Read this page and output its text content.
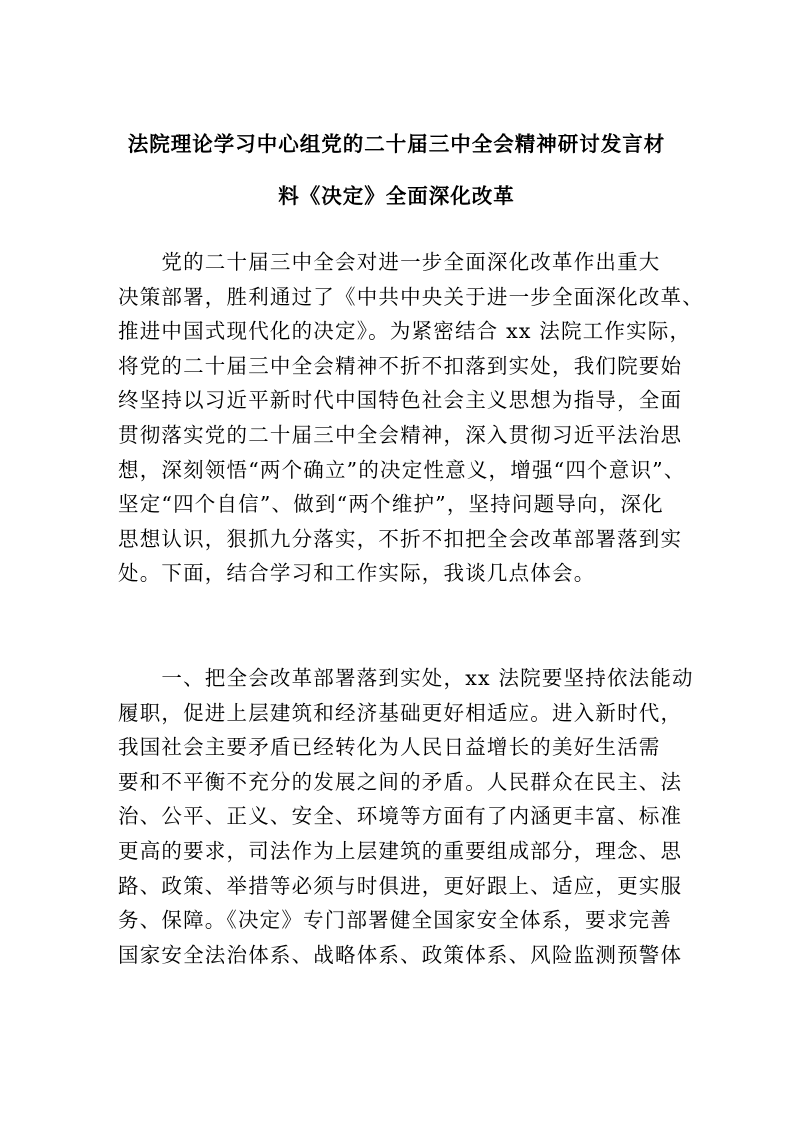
法院理论学习中心组党的二十届三中全会精神研讨发言材
料《决定》全面深化改革
　　党的二十届三中全会对进一步全面深化改革作出重大
决策部署，胜利通过了《中共中央关于进一步全面深化改革、
推进中国式现代化的决定》。为紧密结合 xx 法院工作实际，
将党的二十届三中全会精神不折不扣落到实处，我们院要始
终坚持以习近平新时代中国特色社会主义思想为指导，全面
贯彻落实党的二十届三中全会精神，深入贯彻习近平法治思
想，深刻领悟“两个确立”的决定性意义，增强“四个意识”、
坚定“四个自信”、做到“两个维护”，坚持问题导向，深化
思想认识，狠抓九分落实，不折不扣把全会改革部署落到实
处。下面，结合学习和工作实际，我谈几点体会。
　　一、把全会改革部署落到实处，xx 法院要坚持依法能动
履职，促进上层建筑和经济基础更好相适应。进入新时代，
我国社会主要矛盾已经转化为人民日益增长的美好生活需
要和不平衡不充分的发展之间的矛盾。人民群众在民主、法
治、公平、正义、安全、环境等方面有了内涵更丰富、标准
更高的要求，司法作为上层建筑的重要组成部分，理念、思
路、政策、举措等必须与时俱进，更好跟上、适应，更实服
务、保障。《决定》专门部署健全国家安全体系，要求完善
国家安全法治体系、战略体系、政策体系、风险监测预警体
